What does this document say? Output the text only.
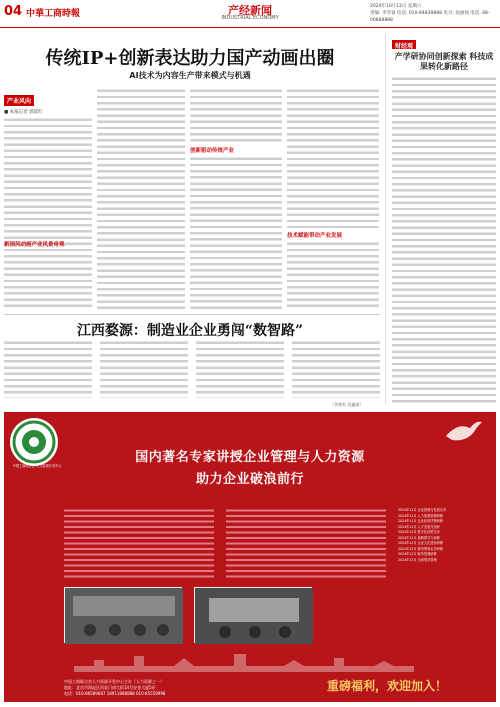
04 中華工商時報	产经新闻
INDUSTRIAL ECONOMY
2024年10月12日 星期六
责编: 李雪睿 电话: 010-84839888 见习: 高丽仙 电话: 68-00888888
传统IP+创新表达助力国产动画出圈
AI技术为内容生产带来模式与机遇
产业风向
■ 本报记者 郭延红
创新驱动传统产业
技术赋能带动产业发展
新国风动画产业风景奇观
财经观
产学研协同创新探索 科技成果转化新路径
江西婺源：制造业企业勇闯“数智路”
（李建有 刘鑫刚）
中国工商联合会 人力资源开发中心
国内著名专家讲授企业管理与人力资源
助力企业破浪前行
2024年11月 企业管理与发展实务
2024年11月 人力资源管理研修
2024年11月 企业经营决策研修
2024年11月 人才发展与组织
2024年12月 数字化转型实务
2024年12月 战略领导力研修
2024年12月 企业文化建设研修
2024年12月 税务筹划实务研修
2024年12月 财务管理研修
2024年12月 全面绩效管理
中国工商联合会人力资源开发中心主办（人力资源之一）
地址：北京市海淀区西直门南大街14号安金大厦5层
电话：010-86589687 18911888888 010-85559998
重磅福利，欢迎加入！
